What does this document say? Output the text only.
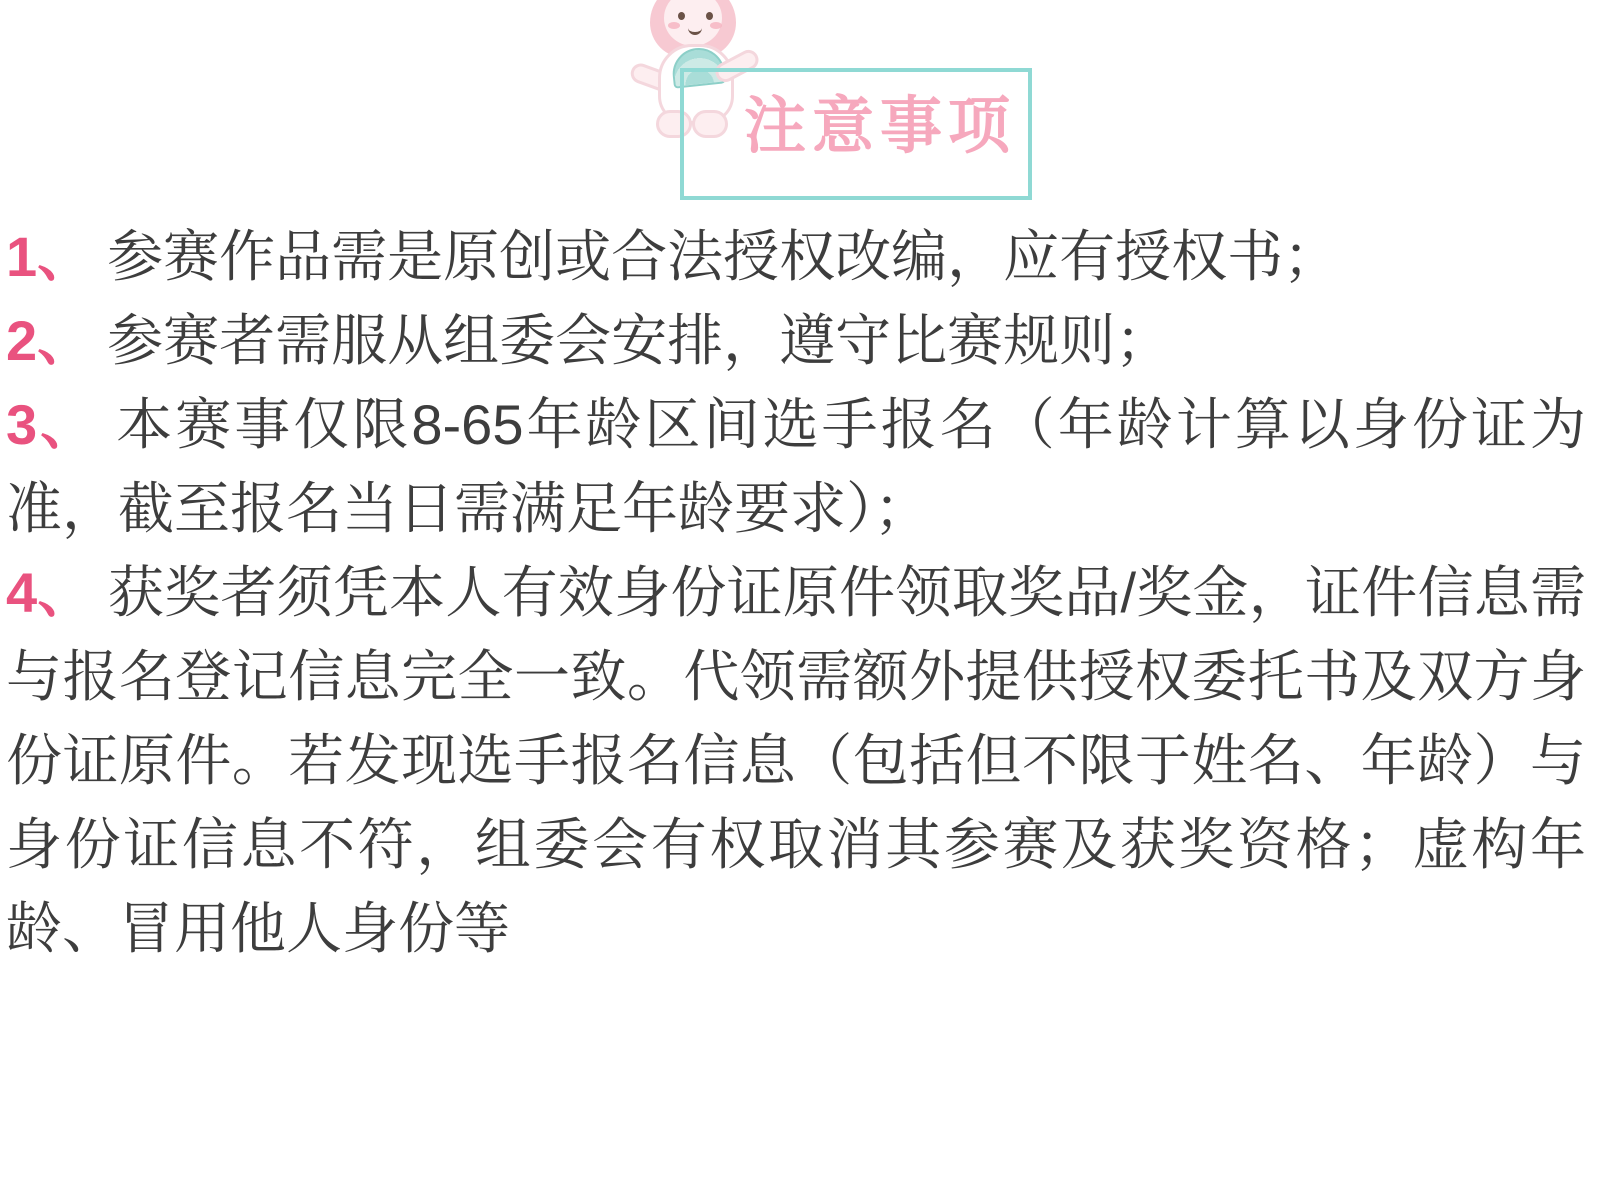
注意事项

1、 参赛作品需是原创或合法授权改编，应有授权书；

2、 参赛者需服从组委会安排，遵守比赛规则；

3、 本赛事仅限8-65年龄区间选手报名（年龄计算以身份证为准，截至报名当日需满足年龄要求）；

4、 获奖者须凭本人有效身份证原件领取奖品/奖金，证件信息需与报名登记信息完全一致。代领需额外提供授权委托书及双方身份证原件。若发现选手报名信息（包括但不限于姓名、年龄）与身份证信息不符，组委会有权取消其参赛及获奖资格；虚构年龄、冒用他人身份等
